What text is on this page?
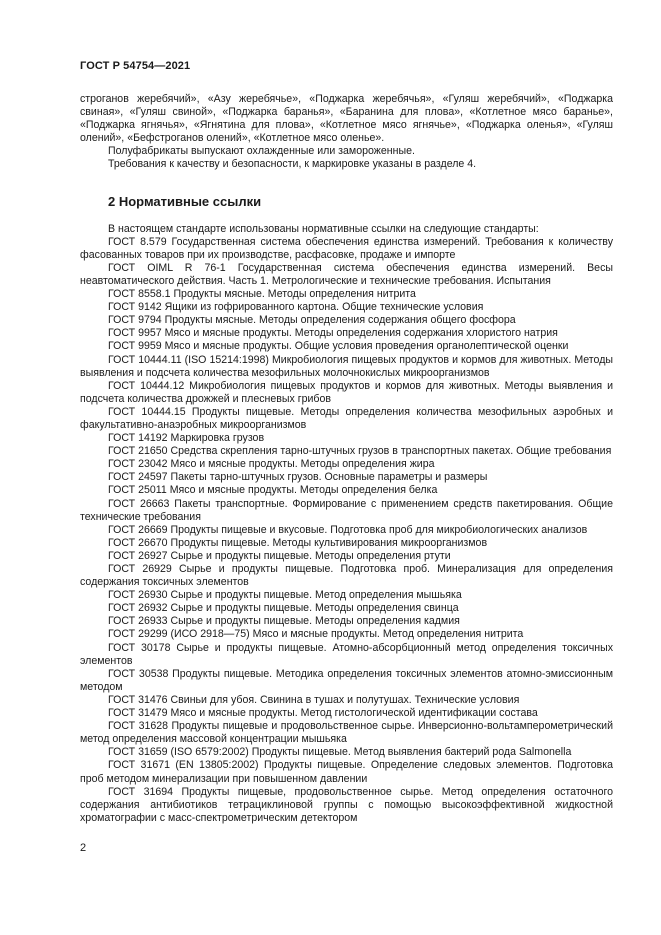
ГОСТ Р 54754—2021

строганов жеребячий», «Азу жеребячье», «Поджарка жеребячья», «Гуляш жеребячий», «Поджарка свиная», «Гуляш свиной», «Поджарка баранья», «Баранина для плова», «Котлетное мясо баранье», «Поджарка ягнячья», «Ягнятина для плова», «Котлетное мясо ягнячье», «Поджарка оленья», «Гуляш олений», «Бефстроганов олений», «Котлетное мясо оленье».

Полуфабрикаты выпускают охлажденные или замороженные.

Требования к качеству и безопасности, к маркировке указаны в разделе 4.

2 Нормативные ссылки

В настоящем стандарте использованы нормативные ссылки на следующие стандарты:

ГОСТ 8.579 Государственная система обеспечения единства измерений. Требования к количеству фасованных товаров при их производстве, расфасовке, продаже и импорте

ГОСТ OIML R 76-1 Государственная система обеспечения единства измерений. Весы неавтоматического действия. Часть 1. Метрологические и технические требования. Испытания

ГОСТ 8558.1 Продукты мясные. Методы определения нитрита

ГОСТ 9142 Ящики из гофрированного картона. Общие технические условия

ГОСТ 9794 Продукты мясные. Методы определения содержания общего фосфора

ГОСТ 9957 Мясо и мясные продукты. Методы определения содержания хлористого натрия

ГОСТ 9959 Мясо и мясные продукты. Общие условия проведения органолептической оценки

ГОСТ 10444.11 (ISO 15214:1998) Микробиология пищевых продуктов и кормов для животных. Методы выявления и подсчета количества мезофильных молочнокислых микроорганизмов

ГОСТ 10444.12 Микробиология пищевых продуктов и кормов для животных. Методы выявления и подсчета количества дрожжей и плесневых грибов

ГОСТ 10444.15 Продукты пищевые. Методы определения количества мезофильных аэробных и факультативно-анаэробных микроорганизмов

ГОСТ 14192 Маркировка грузов

ГОСТ 21650 Средства скрепления тарно-штучных грузов в транспортных пакетах. Общие требования

ГОСТ 23042 Мясо и мясные продукты. Методы определения жира

ГОСТ 24597 Пакеты тарно-штучных грузов. Основные параметры и размеры

ГОСТ 25011 Мясо и мясные продукты. Методы определения белка

ГОСТ 26663 Пакеты транспортные. Формирование с применением средств пакетирования. Общие технические требования

ГОСТ 26669 Продукты пищевые и вкусовые. Подготовка проб для микробиологических анализов

ГОСТ 26670 Продукты пищевые. Методы культивирования микроорганизмов

ГОСТ 26927 Сырье и продукты пищевые. Методы определения ртути

ГОСТ 26929 Сырье и продукты пищевые. Подготовка проб. Минерализация для определения содержания токсичных элементов

ГОСТ 26930 Сырье и продукты пищевые. Метод определения мышьяка

ГОСТ 26932 Сырье и продукты пищевые. Методы определения свинца

ГОСТ 26933 Сырье и продукты пищевые. Методы определения кадмия

ГОСТ 29299 (ИСО 2918—75) Мясо и мясные продукты. Метод определения нитрита

ГОСТ 30178 Сырье и продукты пищевые. Атомно-абсорбционный метод определения токсичных элементов

ГОСТ 30538 Продукты пищевые. Методика определения токсичных элементов атомно-эмиссионным методом

ГОСТ 31476 Свиньи для убоя. Свинина в тушах и полутушах. Технические условия

ГОСТ 31479 Мясо и мясные продукты. Метод гистологической идентификации состава

ГОСТ 31628 Продукты пищевые и продовольственное сырье. Инверсионно-вольтамперометрический метод определения массовой концентрации мышьяка

ГОСТ 31659 (ISO 6579:2002) Продукты пищевые. Метод выявления бактерий рода Salmonella

ГОСТ 31671 (EN 13805:2002) Продукты пищевые. Определение следовых элементов. Подготовка проб методом минерализации при повышенном давлении

ГОСТ 31694 Продукты пищевые, продовольственное сырье. Метод определения остаточного содержания антибиотиков тетрациклиновой группы с помощью высокоэффективной жидкостной хроматографии с масс-спектрометрическим детектором

2
